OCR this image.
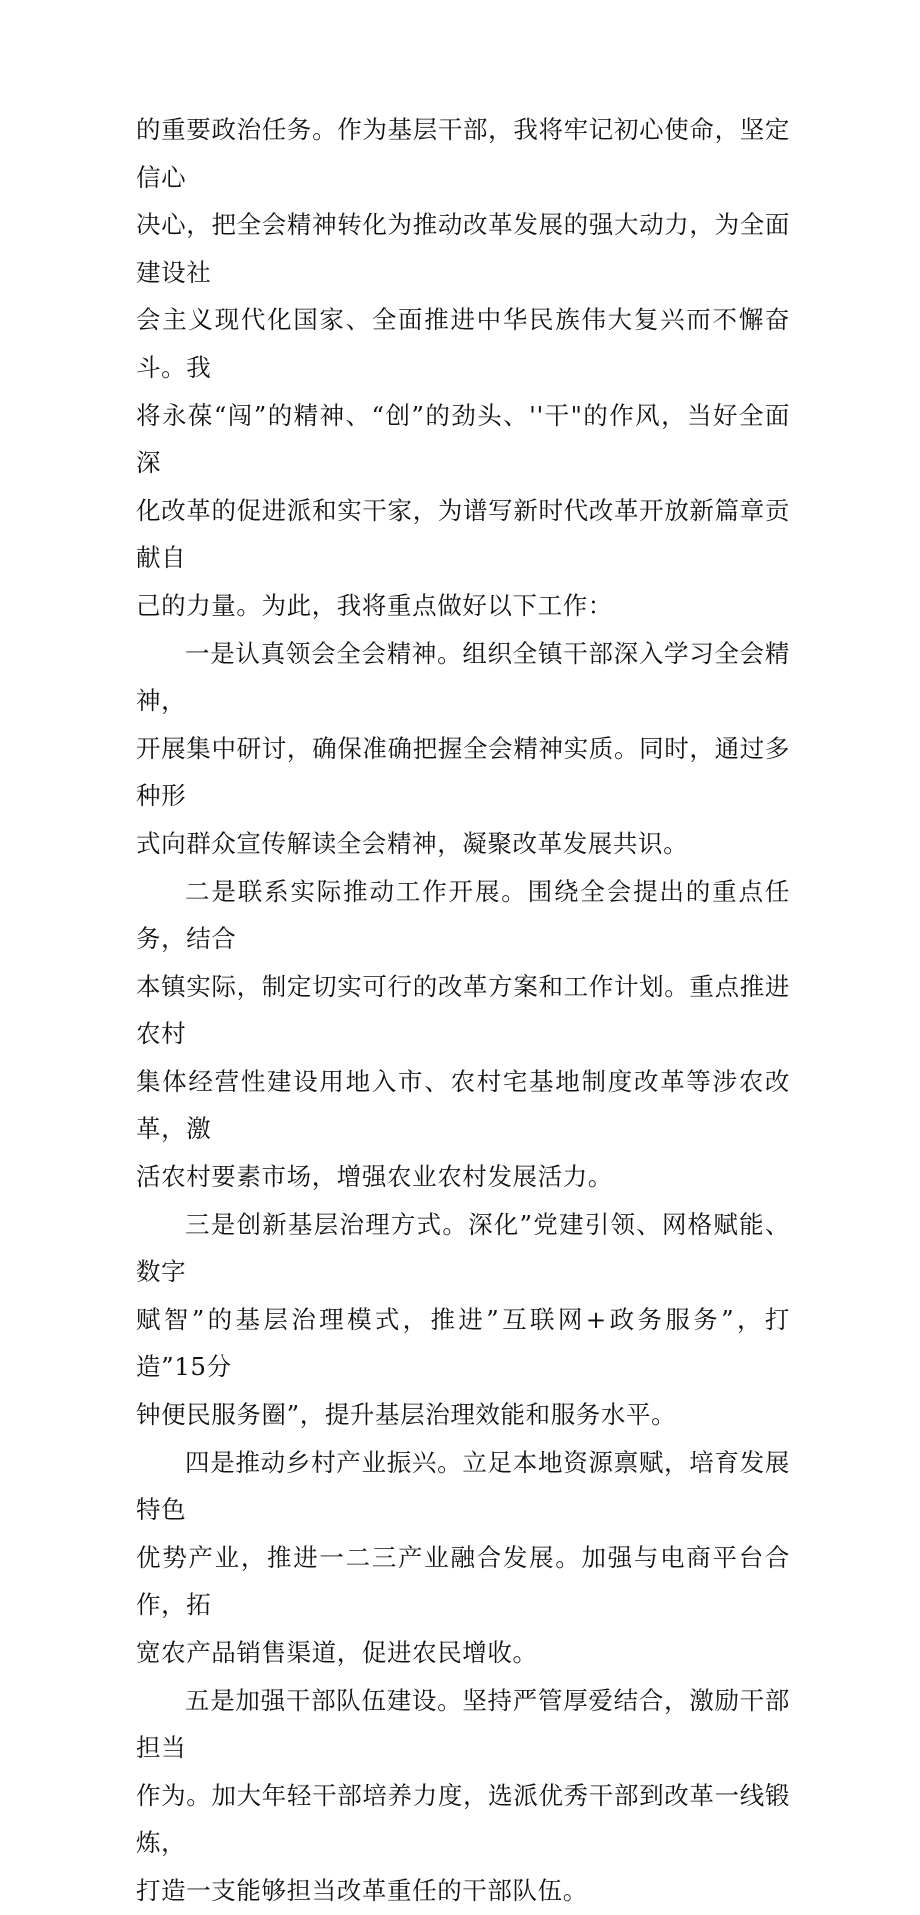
的重要政治任务。作为基层干部，我将牢记初心使命，坚定信心
决心，把全会精神转化为推动改革发展的强大动力，为全面建设社
会主义现代化国家、全面推进中华民族伟大复兴而不懈奋斗。我
将永葆“闯”的精神、“创”的劲头、''干"的作风，当好全面深
化改革的促进派和实干家，为谱写新时代改革开放新篇章贡献自
己的力量。为此，我将重点做好以下工作：

一是认真领会全会精神。组织全镇干部深入学习全会精神，
开展集中研讨，确保准确把握全会精神实质。同时，通过多种形
式向群众宣传解读全会精神，凝聚改革发展共识。

二是联系实际推动工作开展。围绕全会提出的重点任务，结合
本镇实际，制定切实可行的改革方案和工作计划。重点推进农村
集体经营性建设用地入市、农村宅基地制度改革等涉农改革，激
活农村要素市场，增强农业农村发展活力。

三是创新基层治理方式。深化”党建引领、网格赋能、数字
赋智”的基层治理模式，推进”互联网+政务服务”，打造”15分
钟便民服务圈”，提升基层治理效能和服务水平。

四是推动乡村产业振兴。立足本地资源禀赋，培育发展特色
优势产业，推进一二三产业融合发展。加强与电商平台合作，拓
宽农产品销售渠道，促进农民增收。

五是加强干部队伍建设。坚持严管厚爱结合，激励干部担当
作为。加大年轻干部培养力度，选派优秀干部到改革一线锻炼，
打造一支能够担当改革重任的干部队伍。
